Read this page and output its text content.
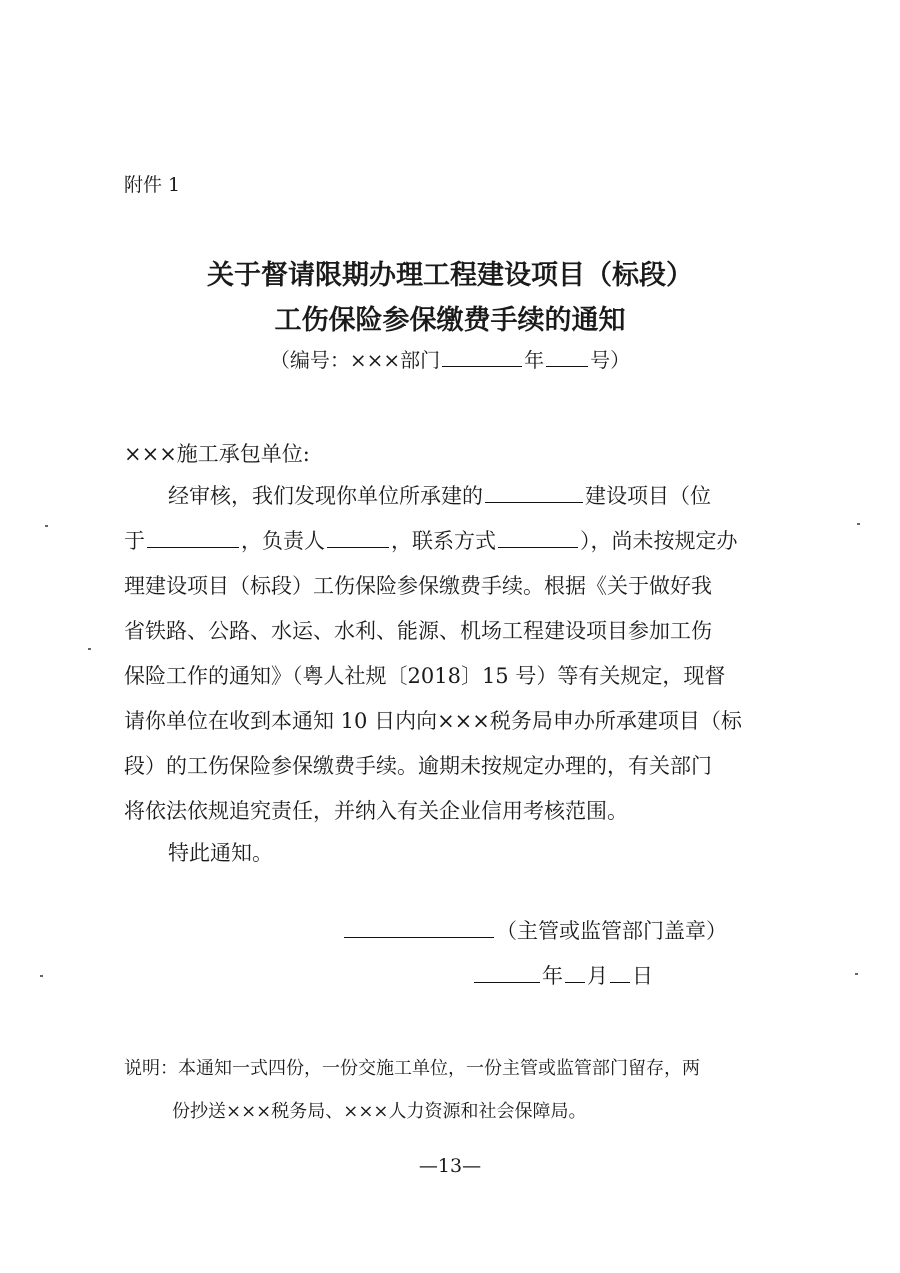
附件 1
关于督请限期办理工程建设项目（标段）
工伤保险参保缴费手续的通知
（编号：×××部门	年 号）
×××施工承包单位:
经审核，我们发现你单位所承建的	建设项目（位
于	，负责人	，联系方式	），尚未按规定办
理建设项目（标段）工伤保险参保缴费手续。根据《关于做好我
省铁路、公路、水运、水利、能源、机场工程建设项目参加工伤
保险工作的通知》（粤人社规〔2018〕15 号）等有关规定，现督
请你单位在收到本通知 10 日内向×××税务局申办所承建项目（标
段）的工伤保险参保缴费手续。逾期未按规定办理的，有关部门
将依法依规追究责任，并纳入有关企业信用考核范围。
特此通知。
（主管或监管部门盖章）
年 月 日
说明：本通知一式四份，一份交施工单位，一份主管或监管部门留存，两
份抄送×××税务局、×××人力资源和社会保障局。
—13—
